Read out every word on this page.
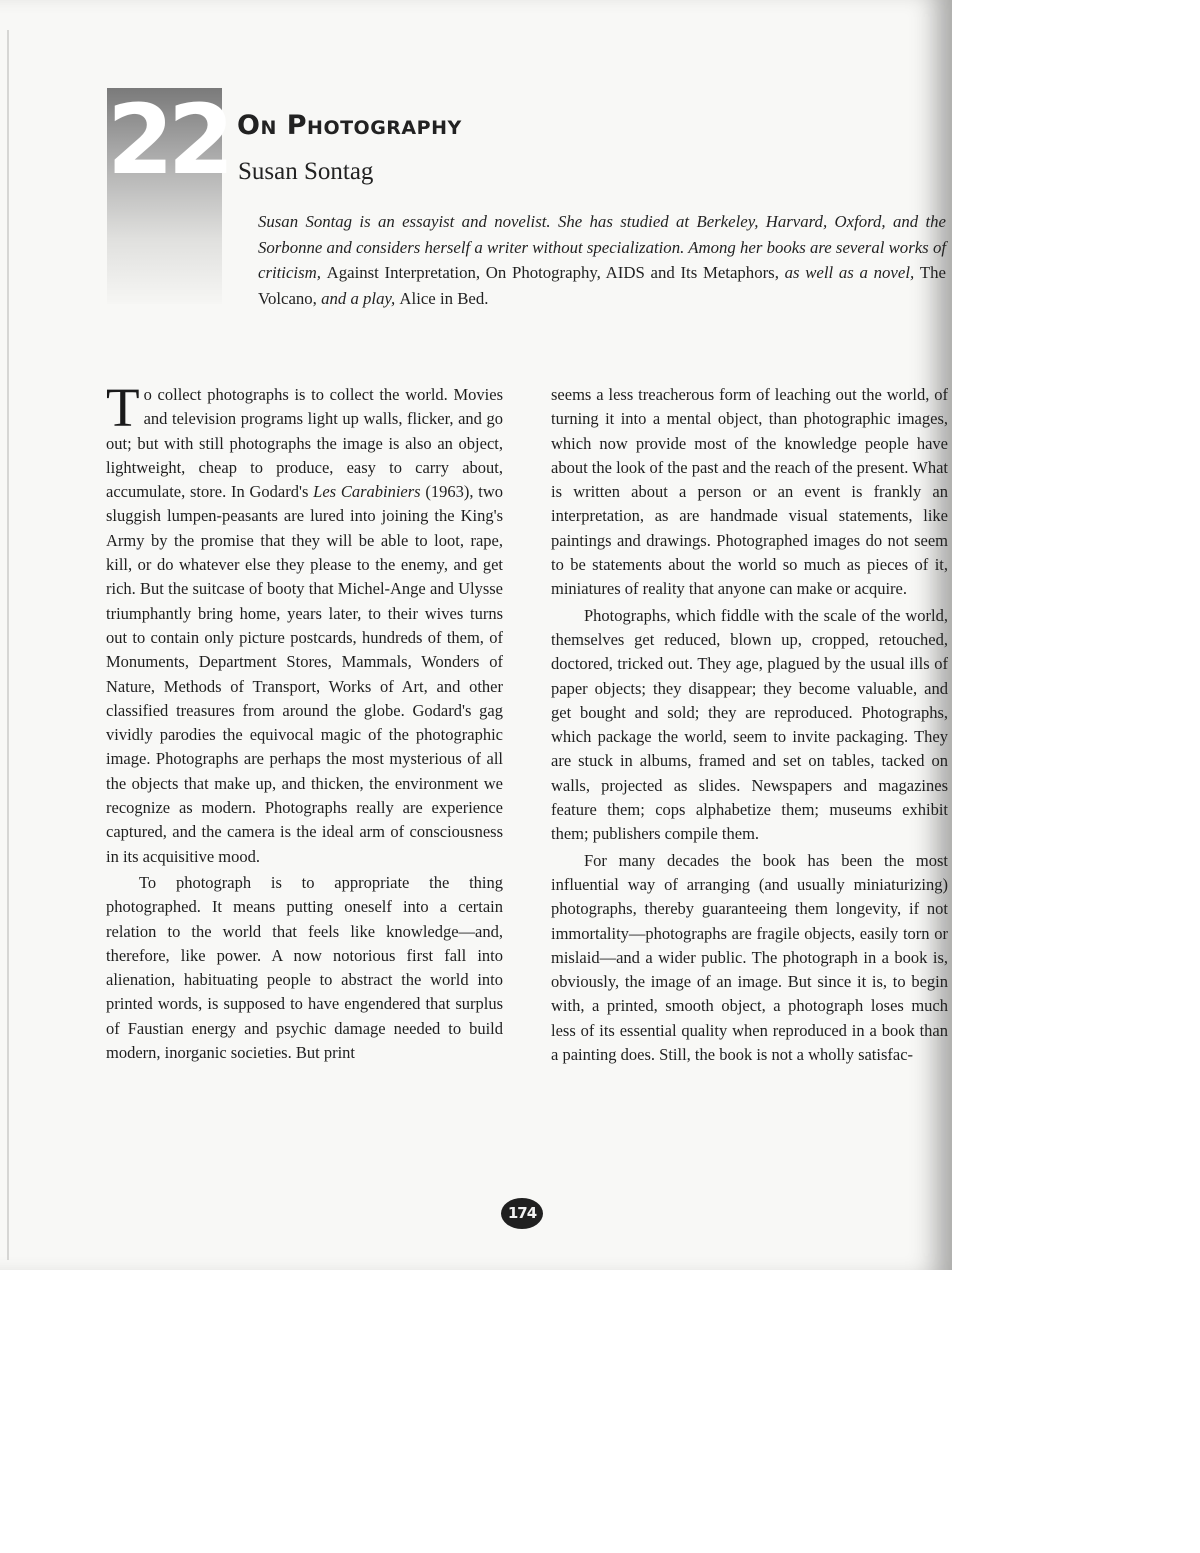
22 On Photography
Susan Sontag

Susan Sontag is an essayist and novelist. She has studied at Berkeley, Harvard, Oxford, and the Sorbonne and considers herself a writer without specialization. Among her books are several works of criticism, Against Interpretation, On Photography, AIDS and Its Metaphors, as well as a novel, The Volcano, and a play, Alice in Bed.

To collect photographs is to collect the world. Movies and television programs light up walls, flicker, and go out; but with still photographs the image is also an object, lightweight, cheap to produce, easy to carry about, accumulate, store. In Godard's Les Carabiniers (1963), two sluggish lumpen-peasants are lured into joining the King's Army by the promise that they will be able to loot, rape, kill, or do whatever else they please to the enemy, and get rich. But the suitcase of booty that Michel-Ange and Ulysse triumphantly bring home, years later, to their wives turns out to contain only picture postcards, hundreds of them, of Monuments, Department Stores, Mammals, Wonders of Nature, Methods of Transport, Works of Art, and other classified treasures from around the globe. Godard's gag vividly parodies the equivocal magic of the photographic image. Photographs are perhaps the most mysterious of all the objects that make up, and thicken, the environment we recognize as modern. Photographs really are experience captured, and the camera is the ideal arm of consciousness in its acquisitive mood.

To photograph is to appropriate the thing photographed. It means putting oneself into a certain relation to the world that feels like knowledge—and, therefore, like power. A now notorious first fall into alienation, habituating people to abstract the world into printed words, is supposed to have engendered that surplus of Faustian energy and psychic damage needed to build modern, inorganic societies. But print

seems a less treacherous form of leaching out the world, of turning it into a mental object, than photographic images, which now provide most of the knowledge people have about the look of the past and the reach of the present. What is written about a person or an event is frankly an interpretation, as are handmade visual statements, like paintings and drawings. Photographed images do not seem to be statements about the world so much as pieces of it, miniatures of reality that anyone can make or acquire.

Photographs, which fiddle with the scale of the world, themselves get reduced, blown up, cropped, retouched, doctored, tricked out. They age, plagued by the usual ills of paper objects; they disappear; they become valuable, and get bought and sold; they are reproduced. Photographs, which package the world, seem to invite packaging. They are stuck in albums, framed and set on tables, tacked on walls, projected as slides. Newspapers and magazines feature them; cops alphabetize them; museums exhibit them; publishers compile them.

For many decades the book has been the most influential way of arranging (and usually miniaturizing) photographs, thereby guaranteeing them longevity, if not immortality—photographs are fragile objects, easily torn or mislaid—and a wider public. The photograph in a book is, obviously, the image of an image. But since it is, to begin with, a printed, smooth object, a photograph loses much less of its essential quality when reproduced in a book than a painting does. Still, the book is not a wholly satisfac-

174
